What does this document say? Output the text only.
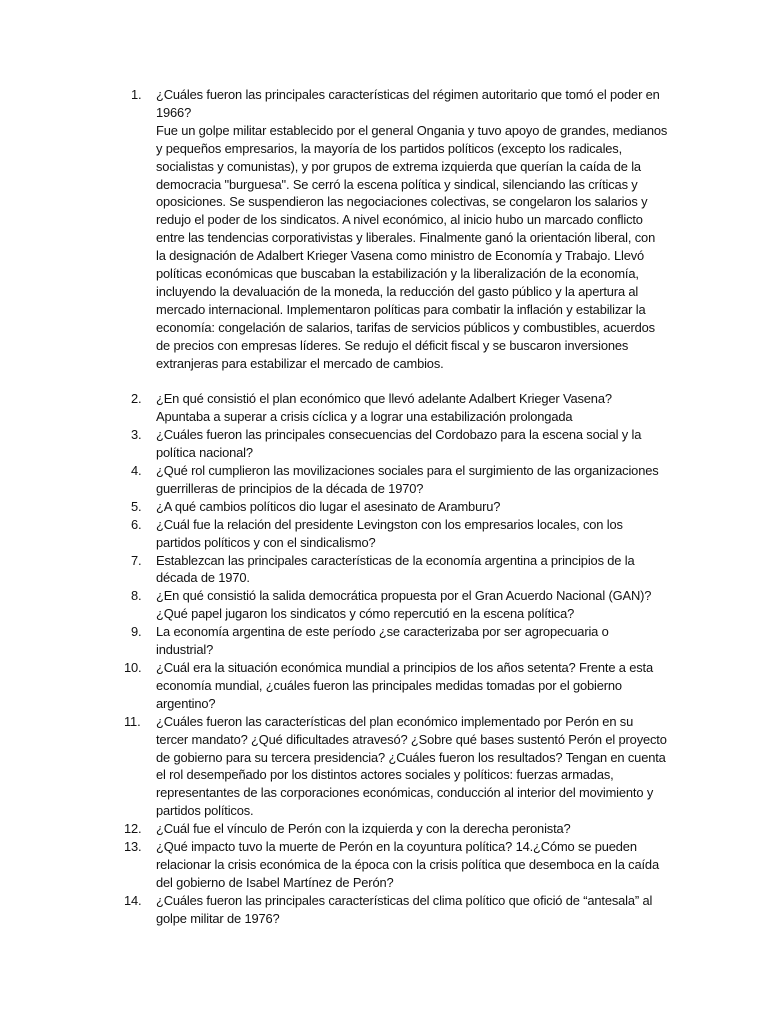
1. ¿Cuáles fueron las principales características del régimen autoritario que tomó el poder en 1966?
Fue un golpe militar establecido por el general Ongania y tuvo apoyo de grandes, medianos y pequeños empresarios, la mayoría de los partidos políticos (excepto los radicales, socialistas y comunistas), y por grupos de extrema izquierda que querían la caída de la democracia "burguesa". Se cerró la escena política y sindical, silenciando las críticas y oposiciones. Se suspendieron las negociaciones colectivas, se congelaron los salarios y redujo el poder de los sindicatos. A nivel económico, al inicio hubo un marcado conflicto entre las tendencias corporativistas y liberales. Finalmente ganó la orientación liberal, con la designación de Adalbert Krieger Vasena como ministro de Economía y Trabajo. Llevó políticas económicas que buscaban la estabilización y la liberalización de la economía, incluyendo la devaluación de la moneda, la reducción del gasto público y la apertura al mercado internacional. Implementaron políticas para combatir la inflación y estabilizar la economía: congelación de salarios, tarifas de servicios públicos y combustibles, acuerdos de precios con empresas líderes. Se redujo el déficit fiscal y se buscaron inversiones extranjeras para estabilizar el mercado de cambios.
2. ¿En qué consistió el plan económico que llevó adelante Adalbert Krieger Vasena?
Apuntaba a superar a crisis cíclica y a lograr una estabilización prolongada
3. ¿Cuáles fueron las principales consecuencias del Cordobazo para la escena social y la política nacional?
4. ¿Qué rol cumplieron las movilizaciones sociales para el surgimiento de las organizaciones guerrilleras de principios de la década de 1970?
5. ¿A qué cambios políticos dio lugar el asesinato de Aramburu?
6. ¿Cuál fue la relación del presidente Levingston con los empresarios locales, con los partidos políticos y con el sindicalismo?
7. Establezcan las principales características de la economía argentina a principios de la década de 1970.
8. ¿En qué consistió la salida democrática propuesta por el Gran Acuerdo Nacional (GAN)? ¿Qué papel jugaron los sindicatos y cómo repercutió en la escena política?
9. La economía argentina de este período ¿se caracterizaba por ser agropecuaria o industrial?
10. ¿Cuál era la situación económica mundial a principios de los años setenta? Frente a esta economía mundial, ¿cuáles fueron las principales medidas tomadas por el gobierno argentino?
11. ¿Cuáles fueron las características del plan económico implementado por Perón en su tercer mandato? ¿Qué dificultades atravesó? ¿Sobre qué bases sustentó Perón el proyecto de gobierno para su tercera presidencia? ¿Cuáles fueron los resultados? Tengan en cuenta el rol desempeñado por los distintos actores sociales y políticos: fuerzas armadas, representantes de las corporaciones económicas, conducción al interior del movimiento y partidos políticos.
12. ¿Cuál fue el vínculo de Perón con la izquierda y con la derecha peronista?
13. ¿Qué impacto tuvo la muerte de Perón en la coyuntura política? 14.¿Cómo se pueden relacionar la crisis económica de la época con la crisis política que desemboca en la caída del gobierno de Isabel Martínez de Perón?
14. ¿Cuáles fueron las principales características del clima político que ofició de “antesala” al golpe militar de 1976?
